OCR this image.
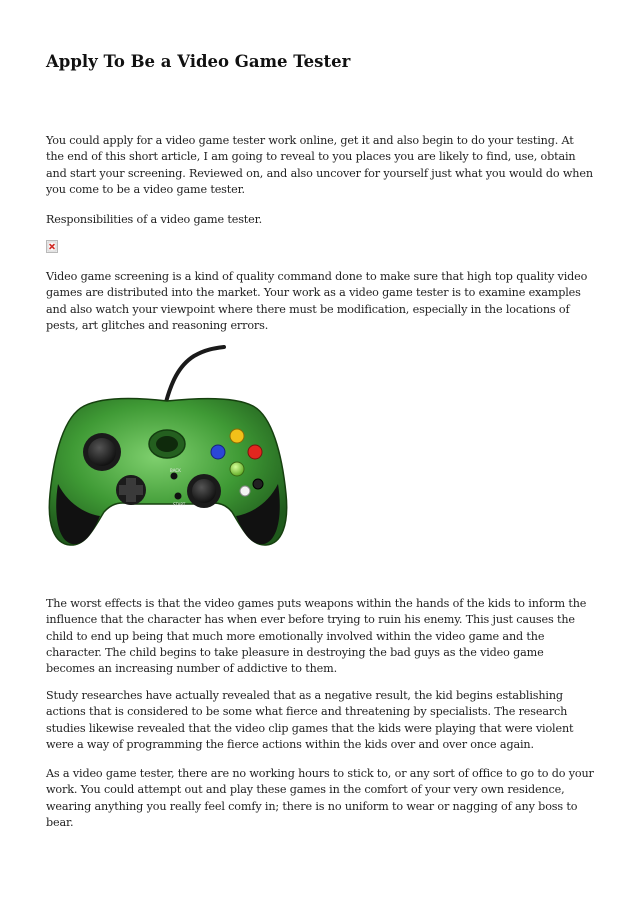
Apply To Be a Video Game Tester

You could apply for a video game tester work online, get it and also begin to do your testing. At the end of this short article, I am going to reveal to you places you are likely to find, use, obtain and start your screening. Reviewed on, and also uncover for yourself just what you would do when you come to be a video game tester.

Responsibilities of a video game tester.

Video game screening is a kind of quality command done to make sure that high top quality video games are distributed into the market. Your work as a video game tester is to examine examples and also watch your viewpoint where there must be modification, especially in the locations of pests, art glitches and reasoning errors.

BACK
START

The worst effects is that the video games puts weapons within the hands of the kids to inform the influence that the character has when ever before trying to ruin his enemy. This just causes the child to end up being that much more emotionally involved within the video game and the character. The child begins to take pleasure in destroying the bad guys as the video game becomes an increasing number of addictive to them.

Study researches have actually revealed that as a negative result, the kid begins establishing actions that is considered to be some what fierce and threatening by specialists. The research studies likewise revealed that the video clip games that the kids were playing that were violent were a way of programming the fierce actions within the kids over and over once again.

As a video game tester, there are no working hours to stick to, or any sort of office to go to do your work. You could attempt out and play these games in the comfort of your very own residence, wearing anything you really feel comfy in; there is no uniform to wear or nagging of any boss to bear.
